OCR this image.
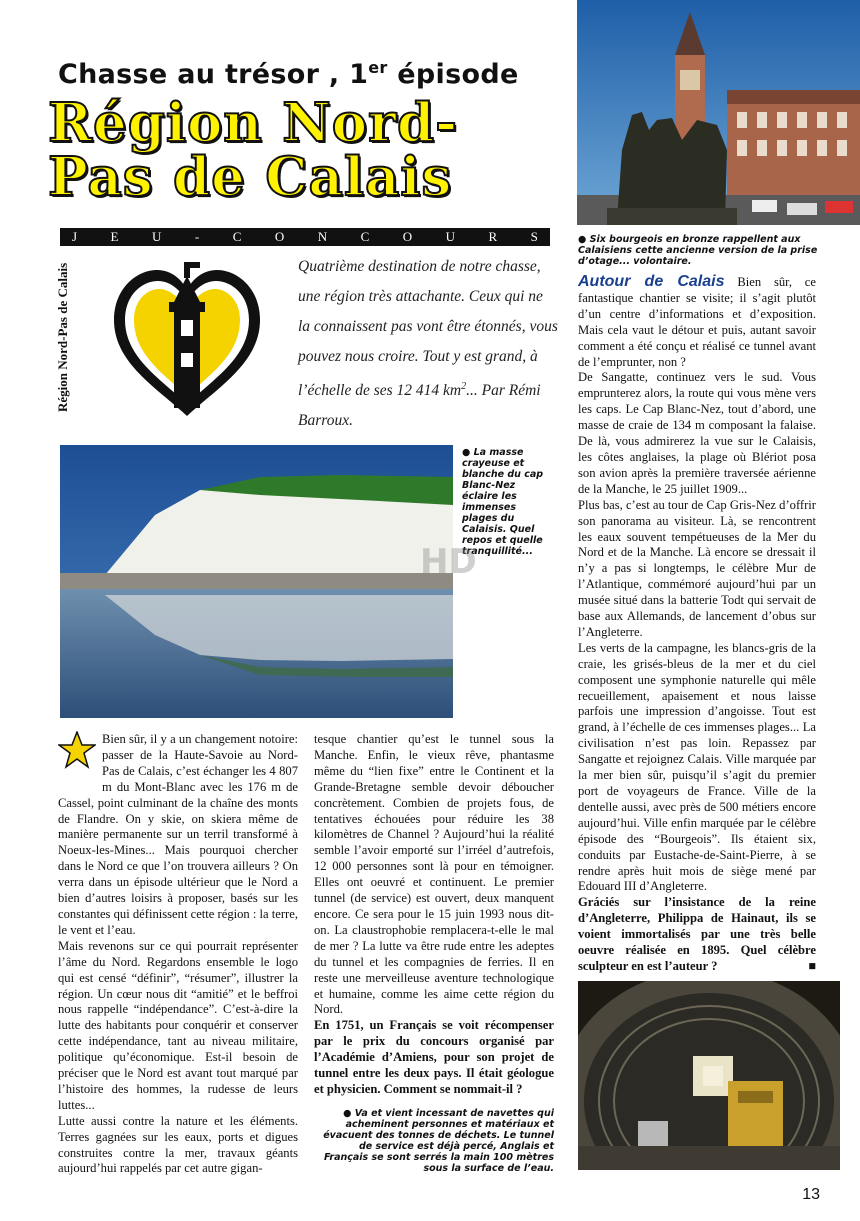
● Six bourgeois en bronze rappellent aux Calaisiens cette ancienne version de la prise d’otage... volontaire.
Chasse au trésor , 1er épisode
Région Nord-
Pas de Calais
J	E	U	-	C	O	N	C	O	U	R	S
Région Nord-Pas de Calais	Quatrième destination de notre chasse, une région très attachante. Ceux qui ne la connaissent pas vont être étonnés, vous pouvez nous croire. Tout y est grand, à l’échelle de ses 12 414 $km^2$... Par Rémi Barroux.
● La masse crayeuse et blanche du cap Blanc-Nez éclaire les immenses plages du Calaisis. Quel repos et quelle tranquillité...
HD

Bien sûr, il y a un changement notoire: passer de la Haute-Savoie au Nord-Pas de Calais, c’est échanger les 4 807 m du Mont-Blanc avec les 176 m de Cassel, point culminant de la chaîne des monts de Flandre. On y skie, on skiera même de manière permanente sur un terril transformé à Noeux-les-Mines... Mais pourquoi chercher dans le Nord ce que l’on trouvera ailleurs ? On verra dans un épisode ultérieur que le Nord a bien d’autres loisirs à proposer, basés sur les constantes qui définissent cette région : la terre, le vent et l’eau.

Mais revenons sur ce qui pourrait représenter l’âme du Nord. Regardons ensemble le logo qui est censé “définir”, “résumer”, illustrer la région. Un cœur nous dit “amitié” et le beffroi nous rappelle “indépendance”. C’est-à-dire la lutte des habitants pour conquérir et conserver cette indépendance, tant au niveau militaire, politique qu’économique. Est-il besoin de préciser que le Nord est avant tout marqué par l’histoire des hommes, la rudesse de leurs luttes...

Lutte aussi contre la nature et les éléments. Terres gagnées sur les eaux, ports et digues construites contre la mer, travaux géants aujourd’hui rappelés par cet autre gigan-

tesque chantier qu’est le tunnel sous la Manche. Enfin, le vieux rêve, phantasme même du “lien fixe” entre le Continent et la Grande-Bretagne semble devoir déboucher concrètement. Combien de projets fous, de tentatives échouées pour réduire les 38 kilomètres de Channel ? Aujourd’hui la réalité semble l’avoir emporté sur l’irréel d’autrefois, 12 000 personnes sont là pour en témoigner. Elles ont oeuvré et continuent. Le premier tunnel (de service) est ouvert, deux manquent encore. Ce sera pour le 15 juin 1993 nous dit-on. La claustrophobie remplacera-t-elle le mal de mer ? La lutte va être rude entre les adeptes du tunnel et les compagnies de ferries. Il en reste une merveilleuse aventure technologique et humaine, comme les aime cette région du Nord.

En 1751, un Français se voit récompenser par le prix du concours organisé par l’Académie d’Amiens, pour son projet de tunnel entre les deux pays. Il était géologue et physicien. Comment se nommait-il ?

● Va et vient incessant de navettes qui acheminent personnes et matériaux et évacuent des tonnes de déchets. Le tunnel de service est déjà percé, Anglais et Français se sont serrés la main 100 mètres sous la surface de l’eau.

Autour de Calais Bien sûr, ce fantastique chantier se visite; il s’agit plutôt d’un centre d’informations et d’exposition. Mais cela vaut le détour et puis, autant savoir comment a été conçu et réalisé ce tunnel avant de l’emprunter, non ?

De Sangatte, continuez vers le sud. Vous emprunterez alors, la route qui vous mène vers les caps. Le Cap Blanc-Nez, tout d’abord, une masse de craie de 134 m composant la falaise. De là, vous admirerez la vue sur le Calaisis, les côtes anglaises, la plage où Blériot posa son avion après la première traversée aérienne de la Manche, le 25 juillet 1909...

Plus bas, c’est au tour de Cap Gris-Nez d’offrir son panorama au visiteur. Là, se rencontrent les eaux souvent tempétueuses de la Mer du Nord et de la Manche. Là encore se dressait il n’y a pas si longtemps, le célèbre Mur de l’Atlantique, commémoré aujourd’hui par un musée situé dans la batterie Todt qui servait de base aux Allemands, de lancement d’obus sur l’Angleterre.

Les verts de la campagne, les blancs-gris de la craie, les grisés-bleus de la mer et du ciel composent une symphonie naturelle qui mêle recueillement, apaisement et nous laisse parfois une impression d’angoisse. Tout est grand, à l’échelle de ces immenses plages... La civilisation n’est pas loin. Repassez par Sangatte et rejoignez Calais. Ville marquée par la mer bien sûr, puisqu’il s’agit du premier port de voyageurs de France. Ville de la dentelle aussi, avec près de 500 métiers encore aujourd’hui. Ville enfin marquée par le célèbre épisode des “Bourgeois”. Ils étaient six, conduits par Eustache-de-Saint-Pierre, à se rendre après huit mois de siège mené par Edouard III d’Angleterre.

Gráciés sur l’insistance de la reine d’Angleterre, Philippa de Hainaut, ils se voient immortalisés par une très belle oeuvre réalisée en 1895. Quel célèbre sculpteur en est l’auteur ?	■

13
